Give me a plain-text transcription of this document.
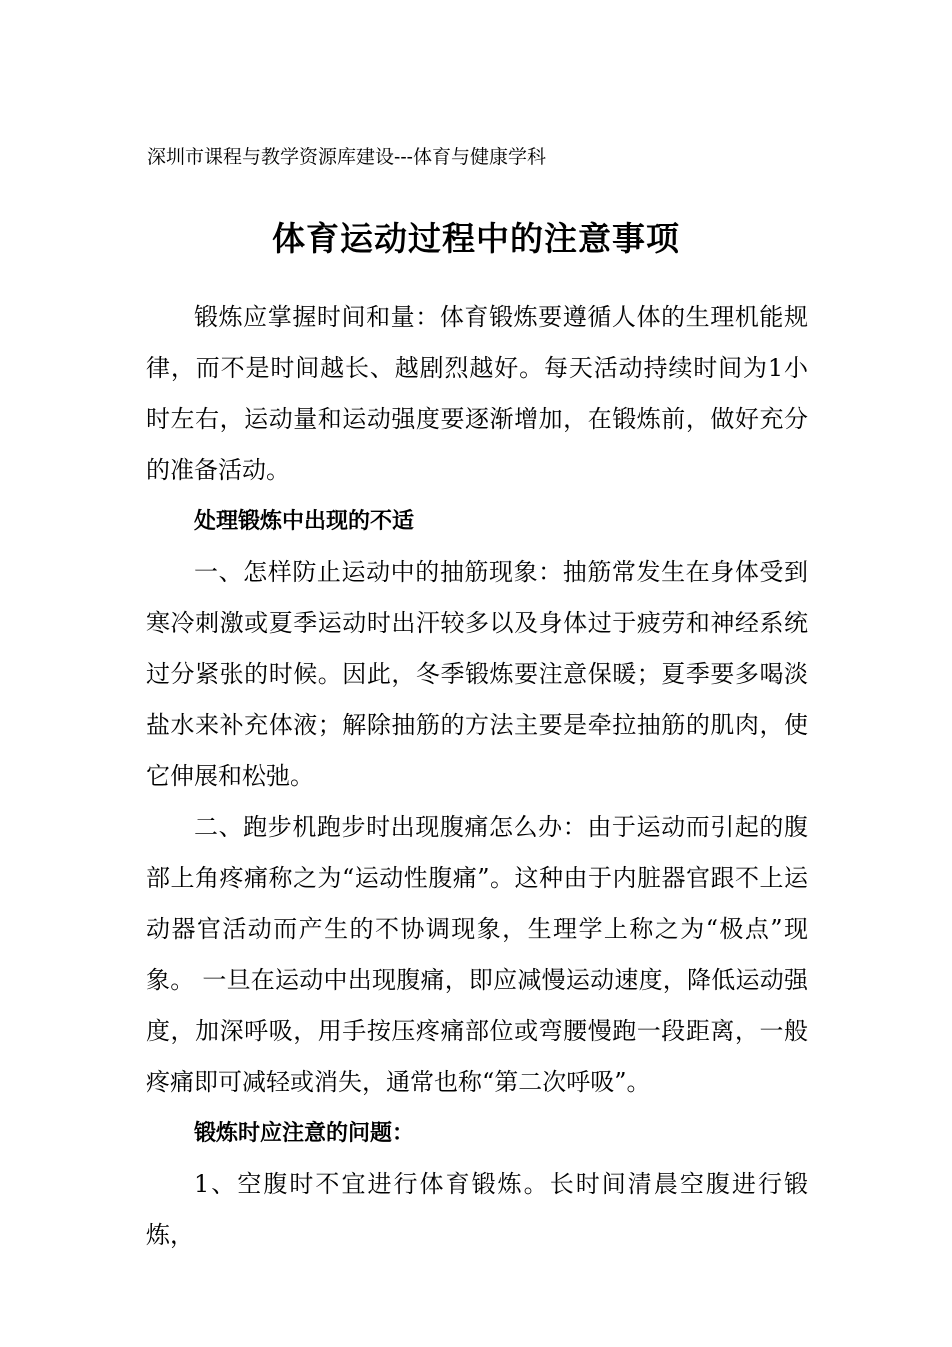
深圳市课程与教学资源库建设---体育与健康学科
体育运动过程中的注意事项

锻炼应掌握时间和量：体育锻炼要遵循人体的生理机能规律，而不是时间越长、越剧烈越好。每天活动持续时间为1小时左右，运动量和运动强度要逐渐增加，在锻炼前，做好充分的准备活动。

处理锻炼中出现的不适

一、怎样防止运动中的抽筋现象：抽筋常发生在身体受到寒冷刺激或夏季运动时出汗较多以及身体过于疲劳和神经系统过分紧张的时候。因此，冬季锻炼要注意保暖；夏季要多喝淡盐水来补充体液；解除抽筋的方法主要是牵拉抽筋的肌肉，使它伸展和松弛。

二、跑步机跑步时出现腹痛怎么办：由于运动而引起的腹部上角疼痛称之为“运动性腹痛”。这种由于内脏器官跟不上运动器官活动而产生的不协调现象，生理学上称之为“极点”现象。 一旦在运动中出现腹痛，即应减慢运动速度，降低运动强度，加深呼吸，用手按压疼痛部位或弯腰慢跑一段距离，一般疼痛即可减轻或消失，通常也称“第二次呼吸”。

锻炼时应注意的问题：

1、空腹时不宜进行体育锻炼。长时间清晨空腹进行锻炼，
